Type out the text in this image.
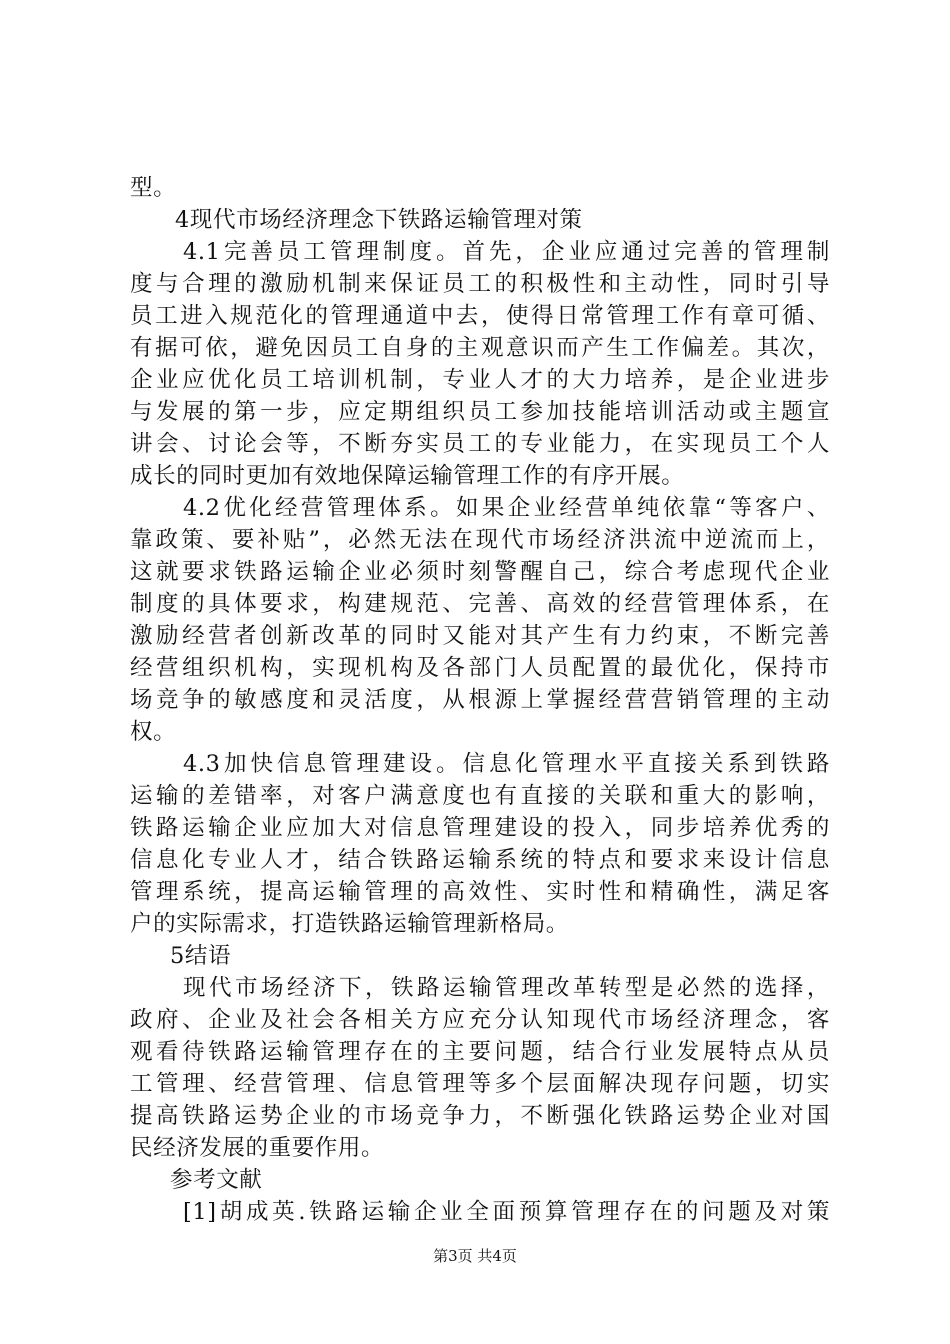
型。
4现代市场经济理念下铁路运输管理对策
4.1完善员工管理制度。首先，企业应通过完善的管理制
度与合理的激励机制来保证员工的积极性和主动性，同时引导
员工进入规范化的管理通道中去，使得日常管理工作有章可循、
有据可依，避免因员工自身的主观意识而产生工作偏差。其次，
企业应优化员工培训机制，专业人才的大力培养，是企业进步
与发展的第一步，应定期组织员工参加技能培训活动或主题宣
讲会、讨论会等，不断夯实员工的专业能力，在实现员工个人
成长的同时更加有效地保障运输管理工作的有序开展。
4.2优化经营管理体系。如果企业经营单纯依靠“等客户、
靠政策、要补贴”，必然无法在现代市场经济洪流中逆流而上，
这就要求铁路运输企业必须时刻警醒自己，综合考虑现代企业
制度的具体要求，构建规范、完善、高效的经营管理体系，在
激励经营者创新改革的同时又能对其产生有力约束，不断完善
经营组织机构，实现机构及各部门人员配置的最优化，保持市
场竞争的敏感度和灵活度，从根源上掌握经营营销管理的主动
权。
4.3加快信息管理建设。信息化管理水平直接关系到铁路
运输的差错率，对客户满意度也有直接的关联和重大的影响，
铁路运输企业应加大对信息管理建设的投入，同步培养优秀的
信息化专业人才，结合铁路运输系统的特点和要求来设计信息
管理系统，提高运输管理的高效性、实时性和精确性，满足客
户的实际需求，打造铁路运输管理新格局。
5结语
现代市场经济下，铁路运输管理改革转型是必然的选择，
政府、企业及社会各相关方应充分认知现代市场经济理念，客
观看待铁路运输管理存在的主要问题，结合行业发展特点从员
工管理、经营管理、信息管理等多个层面解决现存问题，切实
提高铁路运势企业的市场竞争力，不断强化铁路运势企业对国
民经济发展的重要作用。
参考文献
[1]胡成英.铁路运输企业全面预算管理存在的问题及对策
第3页 共4页
